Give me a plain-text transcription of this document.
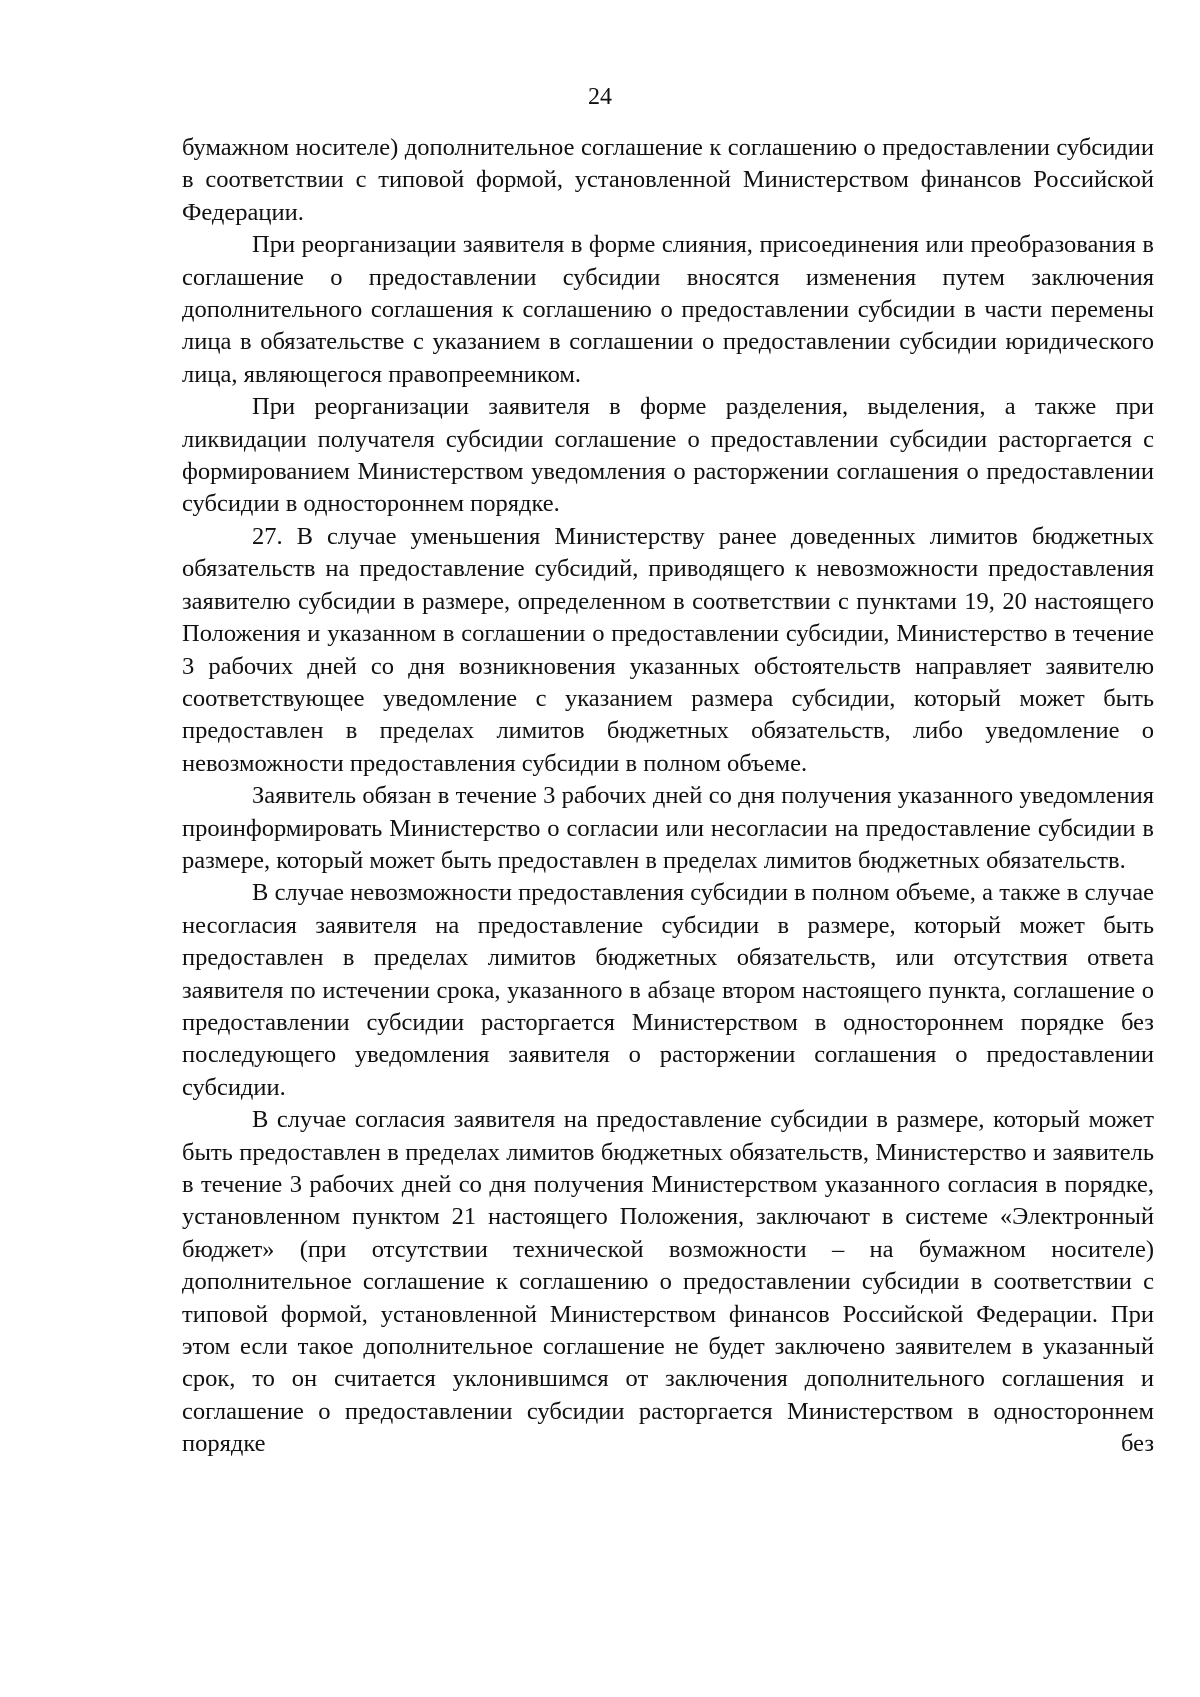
24

бумажном носителе) дополнительное соглашение к соглашению о предоставлении субсидии в соответствии с типовой формой, установленной Министерством финансов Российской Федерации.

При реорганизации заявителя в форме слияния, присоединения или преобразования в соглашение о предоставлении субсидии вносятся изменения путем заключения дополнительного соглашения к соглашению о предоставлении субсидии в части перемены лица в обязательстве с указанием в соглашении о предоставлении субсидии юридического лица, являющегося правопреемником.

При реорганизации заявителя в форме разделения, выделения, а также при ликвидации получателя субсидии соглашение о предоставлении субсидии расторгается с формированием Министерством уведомления о расторжении соглашения о предоставлении субсидии в одностороннем порядке.

27. В случае уменьшения Министерству ранее доведенных лимитов бюджетных обязательств на предоставление субсидий, приводящего к невозможности предоставления заявителю субсидии в размере, определенном в соответствии с пунктами 19, 20 настоящего Положения и указанном в соглашении о предоставлении субсидии, Министерство в течение 3 рабочих дней со дня возникновения указанных обстоятельств направляет заявителю соответствующее уведомление с указанием размера субсидии, который может быть предоставлен в пределах лимитов бюджетных обязательств, либо уведомление о невозможности предоставления субсидии в полном объеме.

Заявитель обязан в течение 3 рабочих дней со дня получения указанного уведомления проинформировать Министерство о согласии или несогласии на предоставление субсидии в размере, который может быть предоставлен в пределах лимитов бюджетных обязательств.

В случае невозможности предоставления субсидии в полном объеме, а также в случае несогласия заявителя на предоставление субсидии в размере, который может быть предоставлен в пределах лимитов бюджетных обязательств, или отсутствия ответа заявителя по истечении срока, указанного в абзаце втором настоящего пункта, соглашение о предоставлении субсидии расторгается Министерством в одностороннем порядке без последующего уведомления заявителя о расторжении соглашения о предоставлении субсидии.

В случае согласия заявителя на предоставление субсидии в размере, который может быть предоставлен в пределах лимитов бюджетных обязательств, Министерство и заявитель в течение 3 рабочих дней со дня получения Министерством указанного согласия в порядке, установленном пунктом 21 настоящего Положения, заключают в системе «Электронный бюджет» (при отсутствии технической возможности – на бумажном носителе) дополнительное соглашение к соглашению о предоставлении субсидии в соответствии с типовой формой, установленной Министерством финансов Российской Федерации. При этом если такое дополнительное соглашение не будет заключено заявителем в указанный срок, то он считается уклонившимся от заключения дополнительного соглашения и соглашение о предоставлении субсидии расторгается Министерством в одностороннем порядке без
